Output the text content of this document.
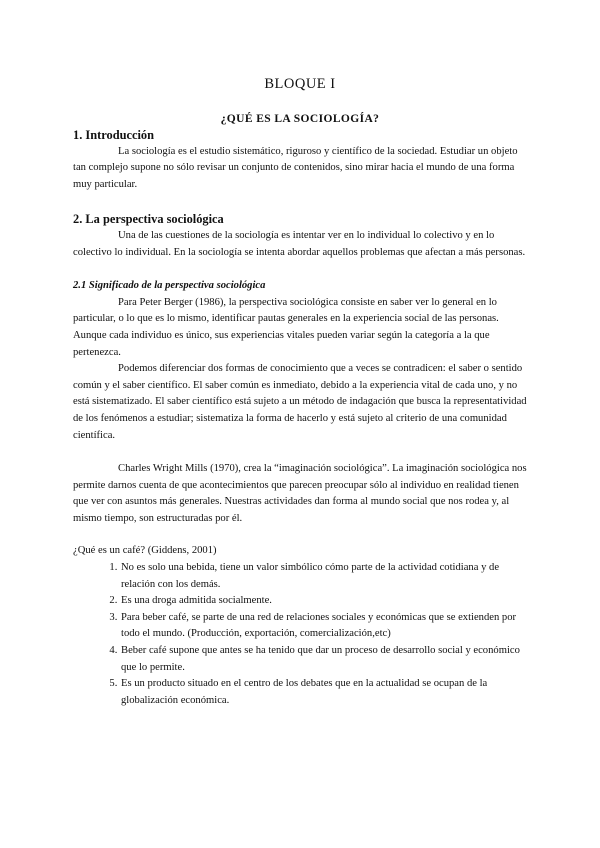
BLOQUE I
¿QUÉ ES LA SOCIOLOGÍA?
1. Introducción

La sociología es el estudio sistemático, riguroso y científico de la sociedad. Estudiar un objeto tan complejo supone no sólo revisar un conjunto de contenidos, sino mirar hacia el mundo de una forma muy particular.

2. La perspectiva sociológica

Una de las cuestiones de la sociología es intentar ver en lo individual lo colectivo y en lo colectivo lo individual. En la sociología se intenta abordar aquellos problemas que afectan a más personas.

2.1 Significado de la perspectiva sociológica

Para Peter Berger (1986), la perspectiva sociológica consiste en saber ver lo general en lo particular, o lo que es lo mismo, identificar pautas generales en la experiencia social de las personas. Aunque cada individuo es único, sus experiencias vitales pueden variar según la categoría a la que pertenezca.

Podemos diferenciar dos formas de conocimiento que a veces se contradicen: el saber o sentido común y el saber científico. El saber común es inmediato, debido a la experiencia vital de cada uno, y no está sistematizado. El saber científico está sujeto a un método de indagación que busca la representatividad de los fenómenos a estudiar; sistematiza la forma de hacerlo y está sujeto al criterio de una comunidad científica.

Charles Wright Mills (1970), crea la “imaginación sociológica”. La imaginación sociológica nos permite darnos cuenta de que acontecimientos que parecen preocupar sólo al individuo en realidad tienen que ver con asuntos más generales. Nuestras actividades dan forma al mundo social que nos rodea y, al mismo tiempo, son estructuradas por él.

¿Qué es un café? (Giddens, 2001)

1. No es solo una bebida, tiene un valor simbólico cómo parte de la actividad cotidiana y de relación con los demás.
2. Es una droga admitida socialmente.
3. Para beber café, se parte de una red de relaciones sociales y económicas que se extienden por todo el mundo. (Producción, exportación, comercialización,etc)
4. Beber café supone que antes se ha tenido que dar un proceso de desarrollo social y económico que lo permite.
5. Es un producto situado en el centro de los debates que en la actualidad se ocupan de la globalización económica.
